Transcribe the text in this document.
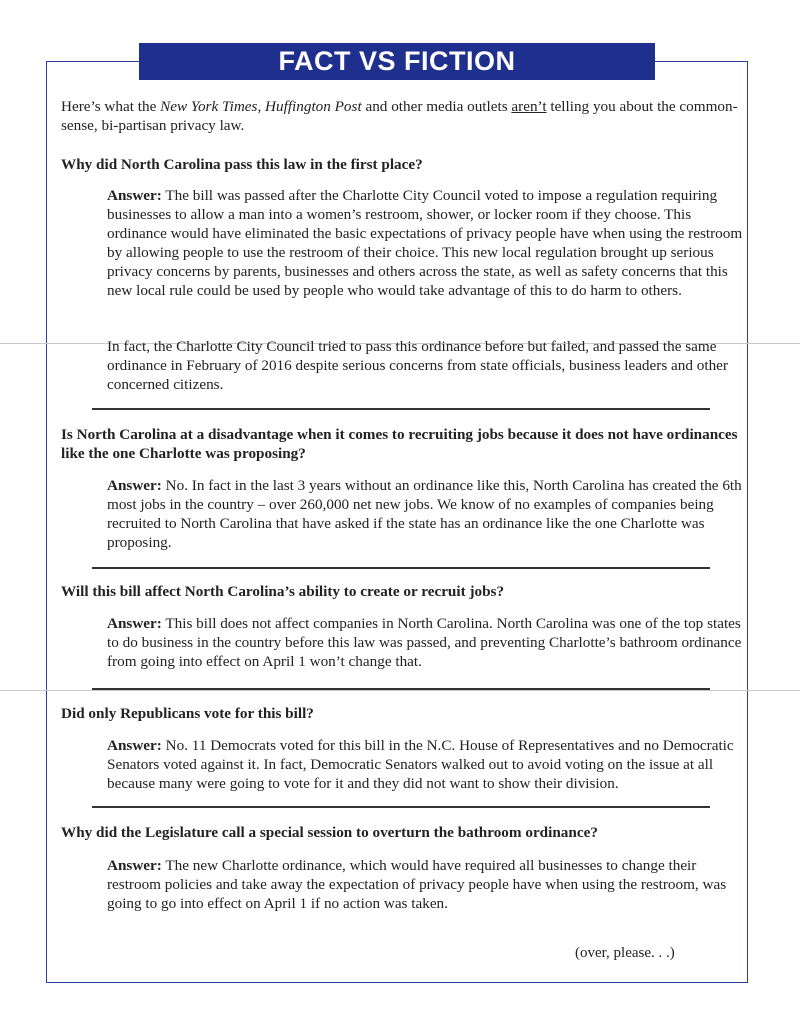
FACT VS FICTION
Here’s what the New York Times, Huffington Post and other media outlets aren’t telling you about the common-sense, bi-partisan privacy law.
Why did North Carolina pass this law in the first place?
Answer: The bill was passed after the Charlotte City Council voted to impose a regulation requiring businesses to allow a man into a women’s restroom, shower, or locker room if they choose. This ordinance would have eliminated the basic expectations of privacy people have when using the restroom by allowing people to use the restroom of their choice. This new local regulation brought up serious privacy concerns by parents, businesses and others across the state, as well as safety concerns that this new local rule could be used by people who would take advantage of this to do harm to others.
In fact, the Charlotte City Council tried to pass this ordinance before but failed, and passed the same ordinance in February of 2016 despite serious concerns from state officials, business leaders and other concerned citizens.
Is North Carolina at a disadvantage when it comes to recruiting jobs because it does not have ordinances like the one Charlotte was proposing?
Answer: No. In fact in the last 3 years without an ordinance like this, North Carolina has created the 6th most jobs in the country – over 260,000 net new jobs. We know of no examples of companies being recruited to North Carolina that have asked if the state has an ordinance like the one Charlotte was proposing.
Will this bill affect North Carolina’s ability to create or recruit jobs?
Answer: This bill does not affect companies in North Carolina. North Carolina was one of the top states to do business in the country before this law was passed, and preventing Charlotte’s bathroom ordinance from going into effect on April 1 won’t change that.
Did only Republicans vote for this bill?
Answer: No. 11 Democrats voted for this bill in the N.C. House of Representatives and no Democratic Senators voted against it. In fact, Democratic Senators walked out to avoid voting on the issue at all because many were going to vote for it and they did not want to show their division.
Why did the Legislature call a special session to overturn the bathroom ordinance?
Answer: The new Charlotte ordinance, which would have required all businesses to change their restroom policies and take away the expectation of privacy people have when using the restroom, was going to go into effect on April 1 if no action was taken.
(over, please. . .)
